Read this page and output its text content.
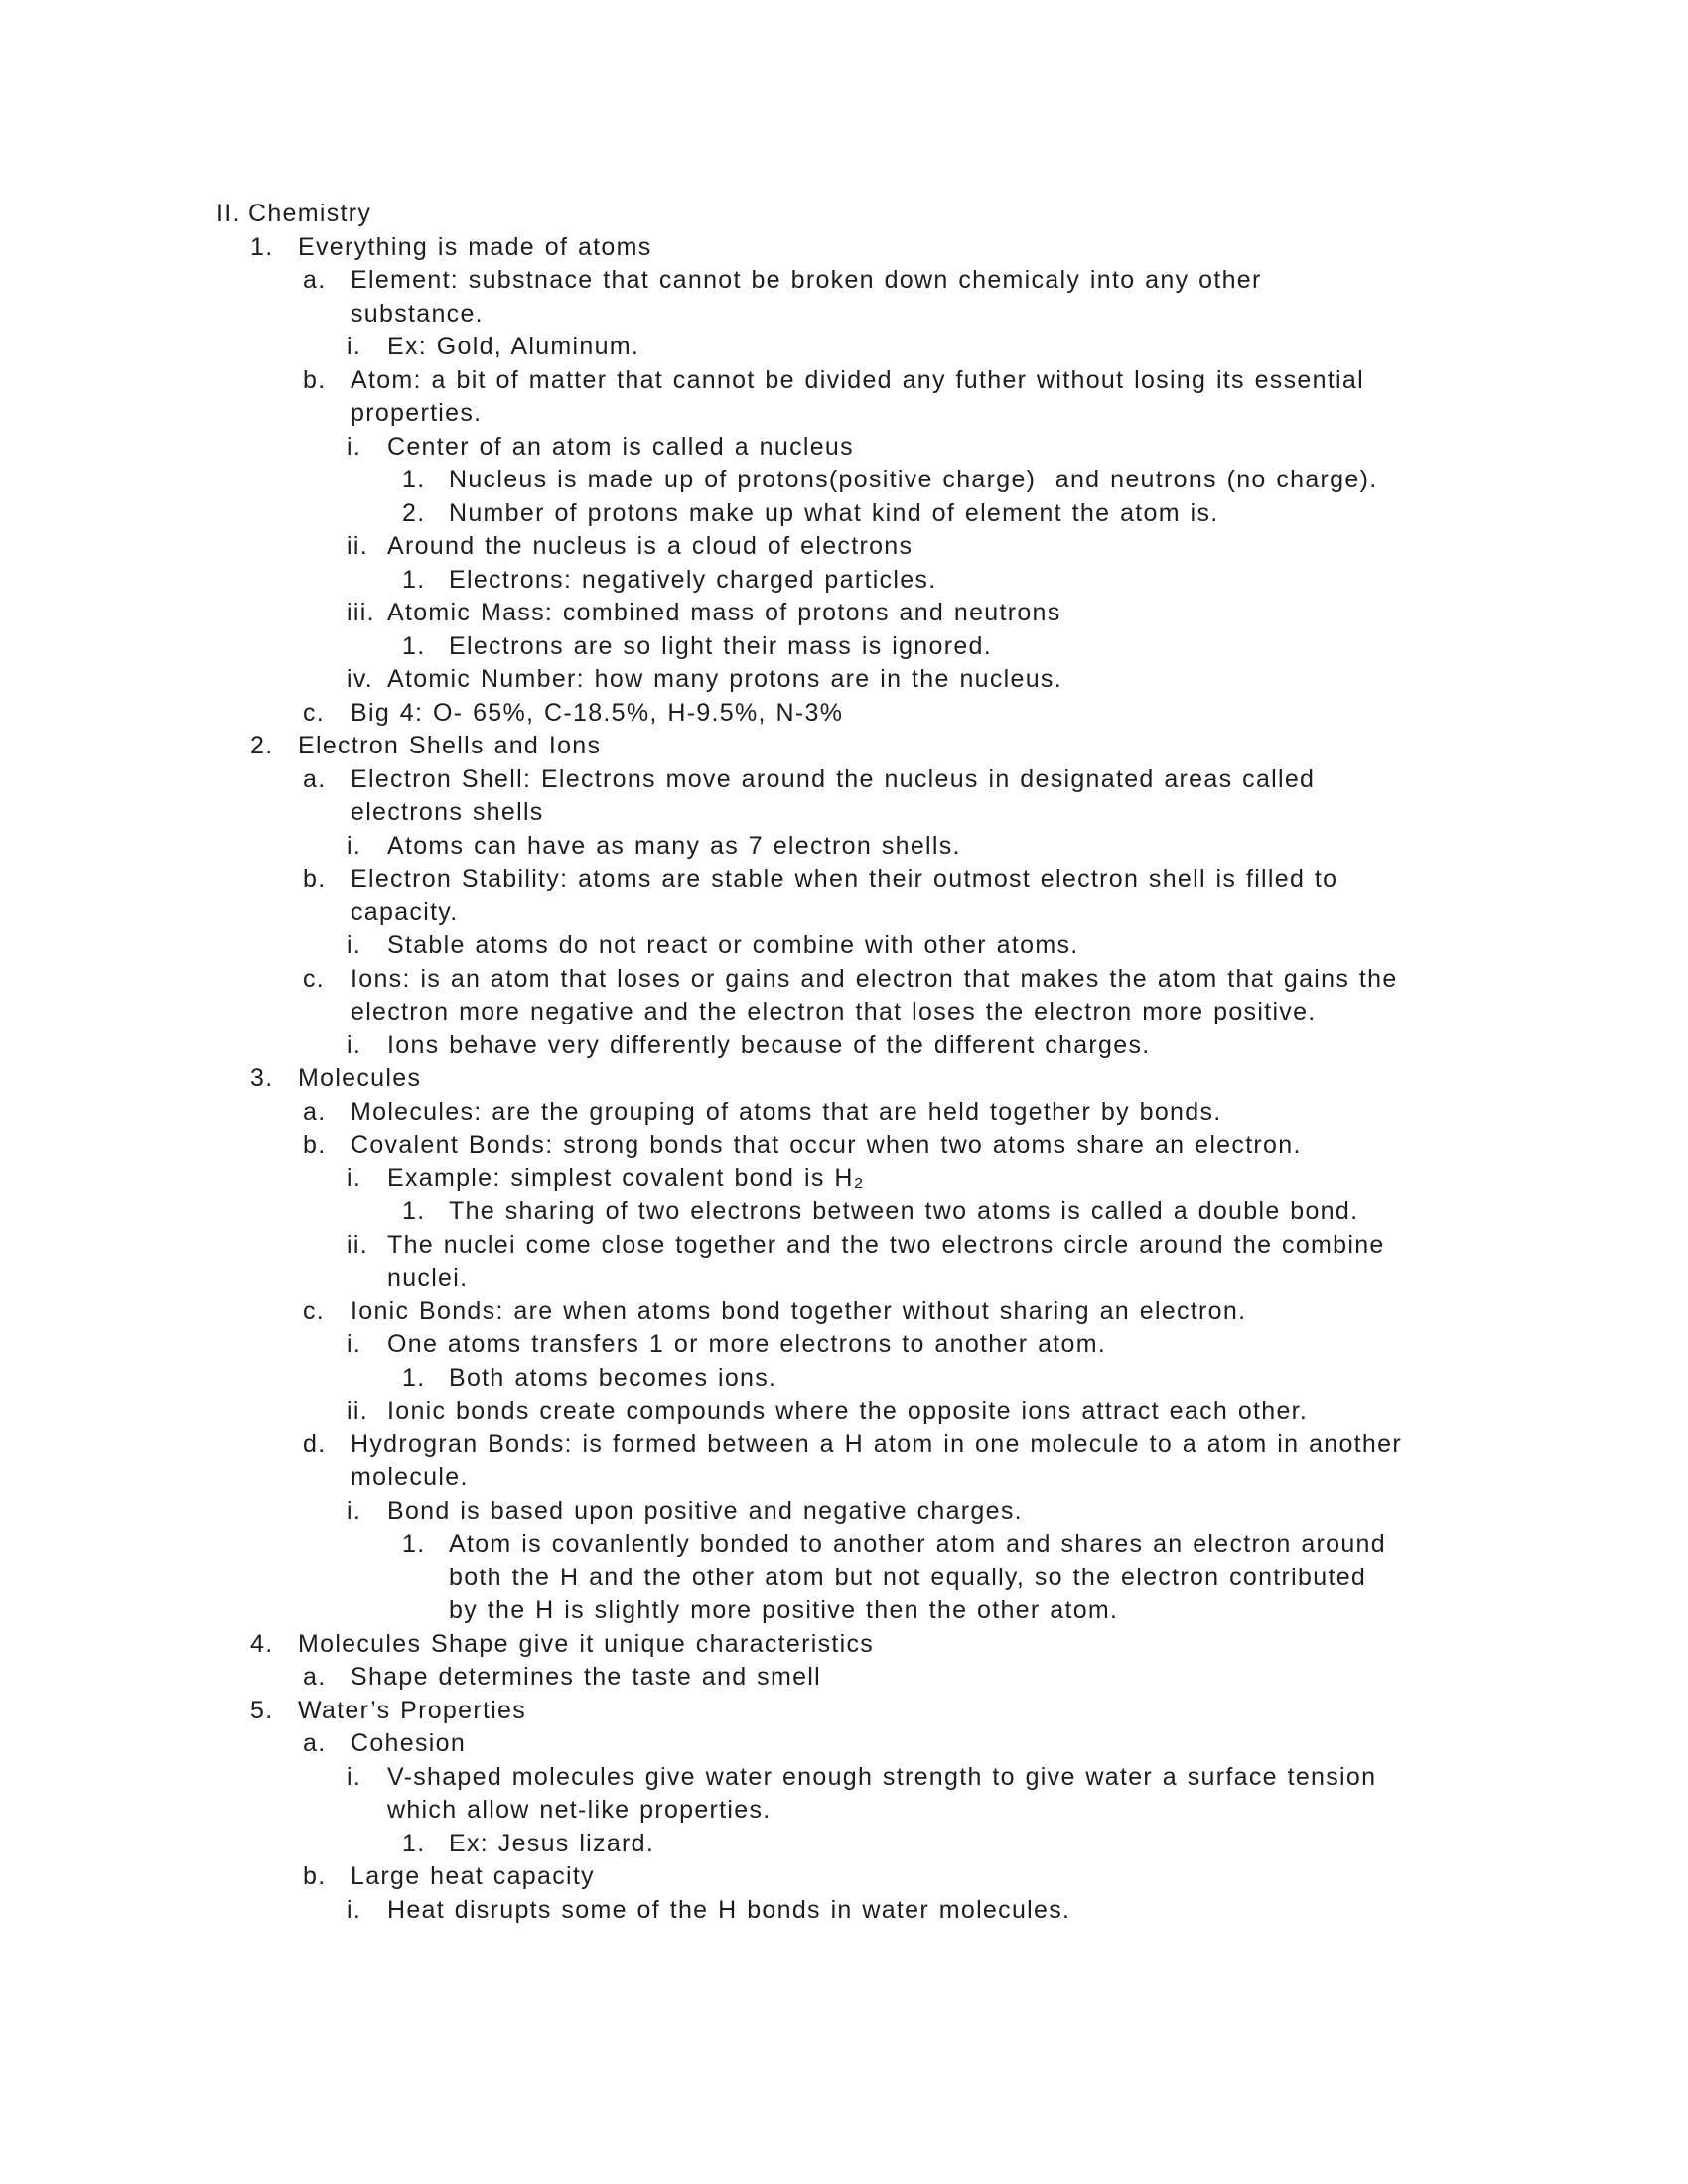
II. Chemistry
1. Everything is made of atoms
a. Element: substnace that cannot be broken down chemicaly into any other
substance.
i.	Ex: Gold, Aluminum.
b. Atom: a bit of matter that cannot be divided any futher without losing its essential
properties.
i.	Center of an atom is called a nucleus
1. Nucleus is made up of protons(positive charge)  and neutrons (no charge).
2. Number of protons make up what kind of element the atom is.
ii. Around the nucleus is a cloud of electrons
1. Electrons: negatively charged particles.
iii. Atomic Mass: combined mass of protons and neutrons
1. Electrons are so light their mass is ignored.
iv. Atomic Number: how many protons are in the nucleus.
c.	Big 4: O- 65%, C-18.5%, H-9.5%, N-3%
2. Electron Shells and Ions
a. Electron Shell: Electrons move around the nucleus in designated areas called
electrons shells
i.	Atoms can have as many as 7 electron shells.
b. Electron Stability: atoms are stable when their outmost electron shell is filled to
capacity.
i.	Stable atoms do not react or combine with other atoms.
c.	Ions: is an atom that loses or gains and electron that makes the atom that gains the
electron more negative and the electron that loses the electron more positive.
i.	Ions behave very differently because of the different charges.
3. Molecules
a. Molecules: are the grouping of atoms that are held together by bonds.
b. Covalent Bonds: strong bonds that occur when two atoms share an electron.
i.	Example: simplest covalent bond is H₂
1. The sharing of two electrons between two atoms is called a double bond.
ii. The nuclei come close together and the two electrons circle around the combine
nuclei.
c.	Ionic Bonds: are when atoms bond together without sharing an electron.
i.	One atoms transfers 1 or more electrons to another atom.
1. Both atoms becomes ions.
ii. Ionic bonds create compounds where the opposite ions attract each other.
d. Hydrogran Bonds: is formed between a H atom in one molecule to a atom in another
molecule.
i.	Bond is based upon positive and negative charges.
1. Atom is covanlently bonded to another atom and shares an electron around
both the H and the other atom but not equally, so the electron contributed
by the H is slightly more positive then the other atom.
4. Molecules Shape give it unique characteristics
a. Shape determines the taste and smell
5. Water’s Properties
a. Cohesion
i.	V-shaped molecules give water enough strength to give water a surface tension
which allow net-like properties.
1. Ex: Jesus lizard.
b. Large heat capacity
i.	Heat disrupts some of the H bonds in water molecules.
